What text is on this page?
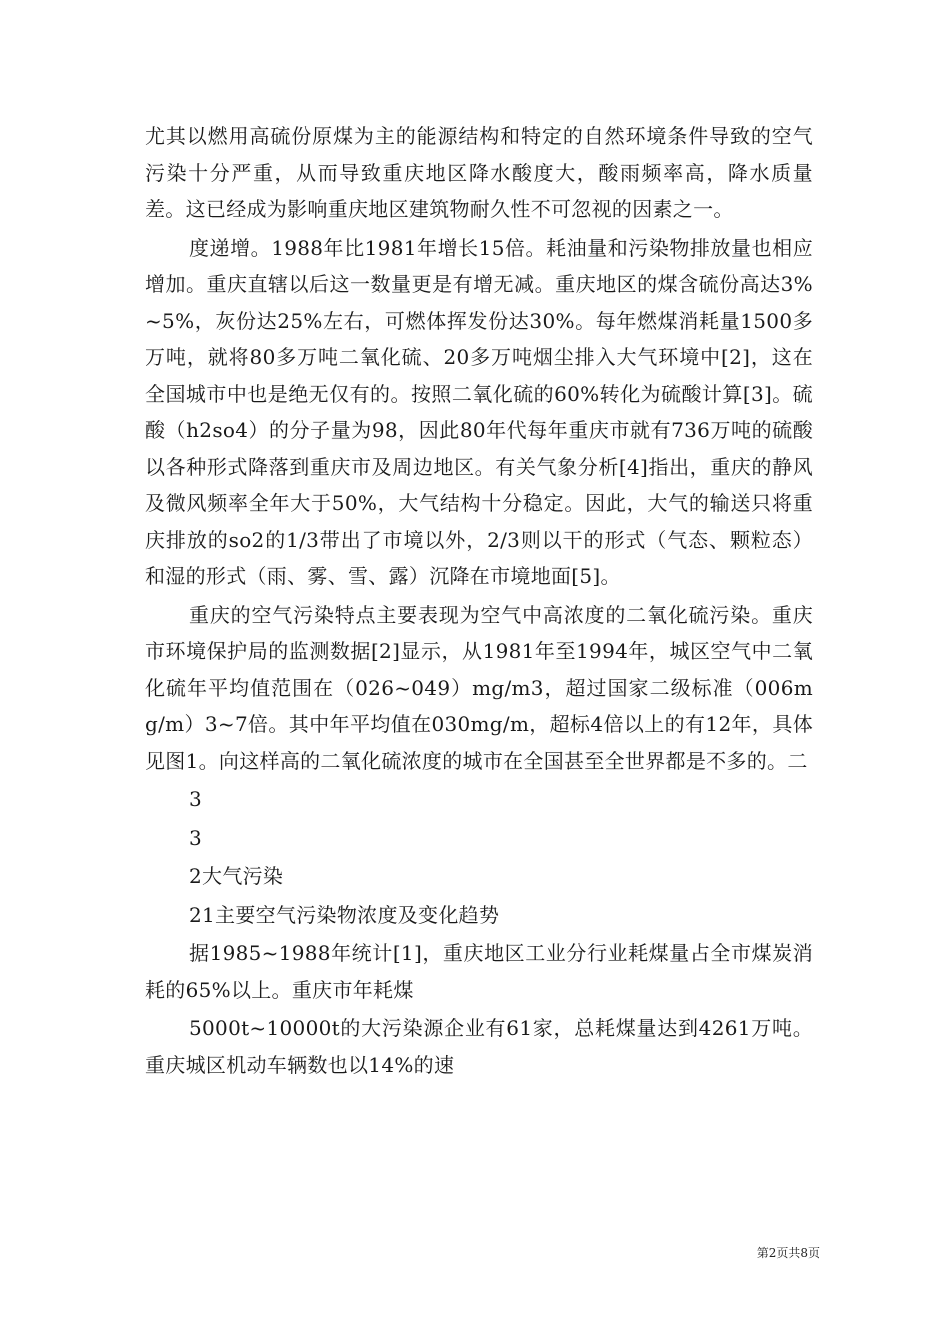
尤其以燃用高硫份原煤为主的能源结构和特定的自然环境条件导致的空气污染十分严重，从而导致重庆地区降水酸度大，酸雨频率高，降水质量差。这已经成为影响重庆地区建筑物耐久性不可忽视的因素之一。

度递增。1988年比1981年增长15倍。耗油量和污染物排放量也相应增加。重庆直辖以后这一数量更是有增无减。重庆地区的煤含硫份高达3%~5%，灰份达25%左右，可燃体挥发份达30%。每年燃煤消耗量1500多万吨，就将80多万吨二氧化硫、20多万吨烟尘排入大气环境中[2]，这在全国城市中也是绝无仅有的。按照二氧化硫的60%转化为硫酸计算[3]。硫酸（h2so4）的分子量为98，因此80年代每年重庆市就有736万吨的硫酸以各种形式降落到重庆市及周边地区。有关气象分析[4]指出，重庆的静风及微风频率全年大于50%，大气结构十分稳定。因此，大气的输送只将重庆排放的so2的1/3带出了市境以外，2/3则以干的形式（气态、颗粒态）和湿的形式（雨、雾、雪、露）沉降在市境地面[5]。

重庆的空气污染特点主要表现为空气中高浓度的二氧化硫污染。重庆市环境保护局的监测数据[2]显示，从1981年至1994年，城区空气中二氧化硫年平均值范围在（026~049）mg/m3，超过国家二级标准（006mg/m）3~7倍。其中年平均值在030mg/m，超标4倍以上的有12年，具体见图1。向这样高的二氧化硫浓度的城市在全国甚至全世界都是不多的。二

3

3

2大气污染

21主要空气污染物浓度及变化趋势

据1985~1988年统计[1]，重庆地区工业分行业耗煤量占全市煤炭消耗的65%以上。重庆市年耗煤

5000t~10000t的大污染源企业有61家，总耗煤量达到4261万吨。重庆城区机动车辆数也以14%的速

第2页共8页
